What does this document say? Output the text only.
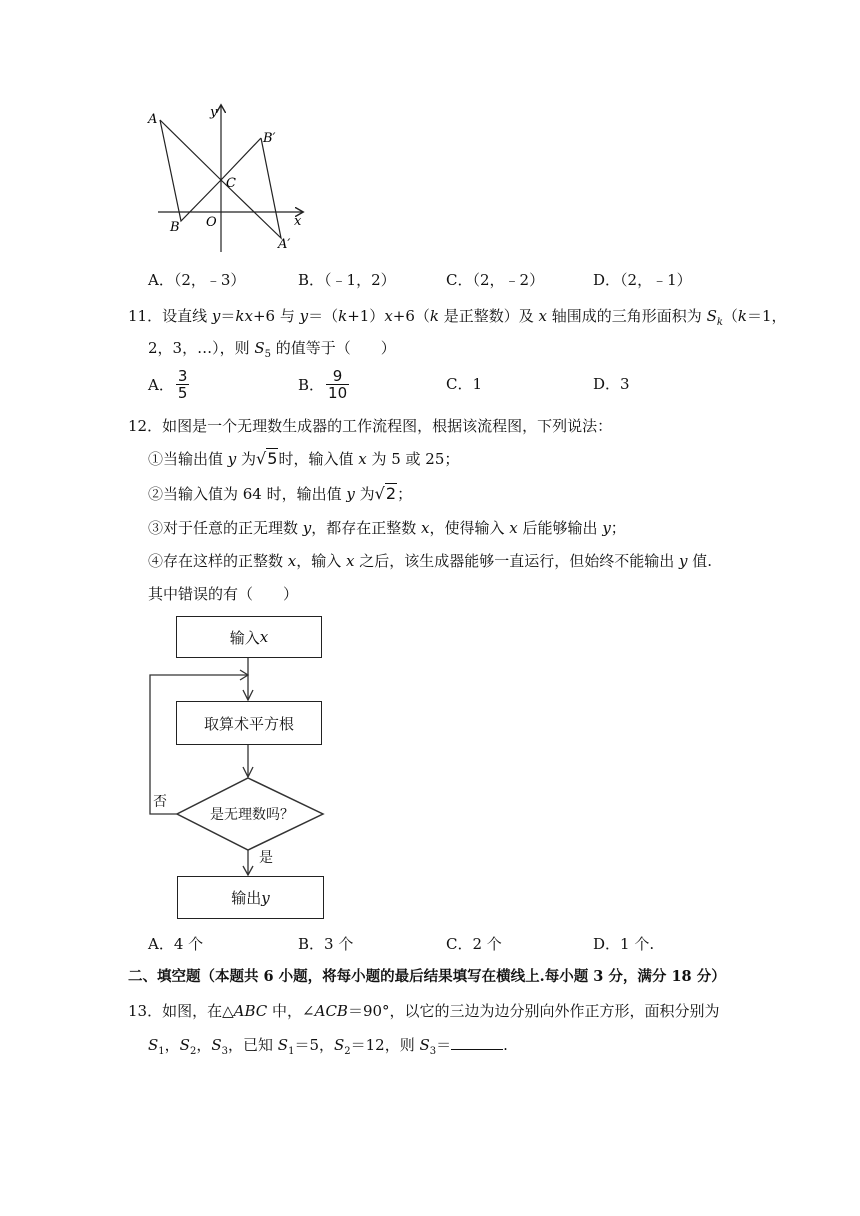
A
B
C
O	x
y
B′
A′
A．（2，﹣3）	B．（﹣1，2）	C．（2，﹣2）	D．（2，﹣1）
11．设直线 y＝kx+6 与 y＝（k+1）x+6（k 是正整数）及 x 轴围成的三角形面积为 $S_k(k=1$，
2，3，…），则 $S_5$ 的值等于（　　）
A． $\frac{3}{5}$	B． $\frac{9}{10}$	C．1	D．3
12．如图是一个无理数生成器的工作流程图，根据该流程图，下列说法：
①当输出值 y 为√5时，输入值 x 为 5 或 25；
②当输入值为 64 时，输出值 y 为√2；
③对于任意的正无理数 y，都存在正整数 x，使得输入 x 后能够输出 y；
④存在这样的正整数 x，输入 x 之后，该生成器能够一直运行，但始终不能输出 y 值.
其中错误的有（　　）
输入 x
取算术平方根
是无理数吗？
否
是
输出 y
A．4 个	B．3 个	C．2 个	D．1 个.
二、填空题（本题共 6 小题，将每小题的最后结果填写在横线上.每小题 3 分，满分 18 分）
13．如图，在△ABC 中，∠ACB＝90°，以它的三边为边分别向外作正方形，面积分别为
$S_1$，$S_2$，$S_3$，已知 $S_1=5$，$S_2=12$，则 $S_3=$	.
